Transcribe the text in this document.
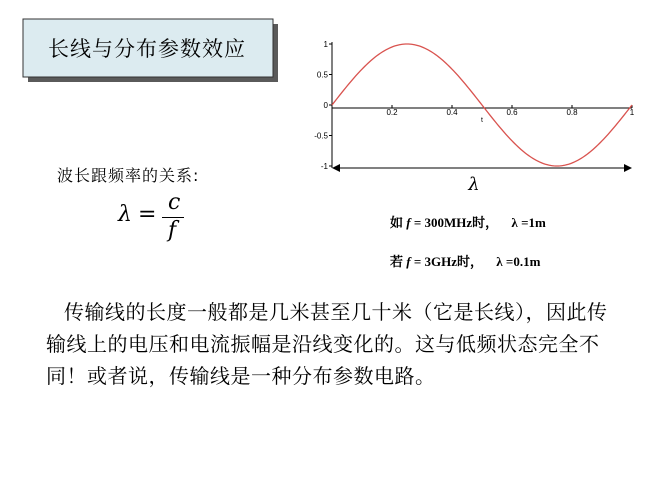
长线与分布参数效应
λ
1
0.5
0
-0.5
-1
0.2	0.4	0.6	0.8	1
t
波长跟频率的关系:
λ = c
f	如 f = 300MHz时， λ =1m
若 f = 3GHz时， λ =0.1m
传输线的长度一般都是几米甚至几十米（它是长线），因此传输线上的电压和电流振幅是沿线变化的。这与低频状态完全不同！或者说，传输线是一种分布参数电路。
